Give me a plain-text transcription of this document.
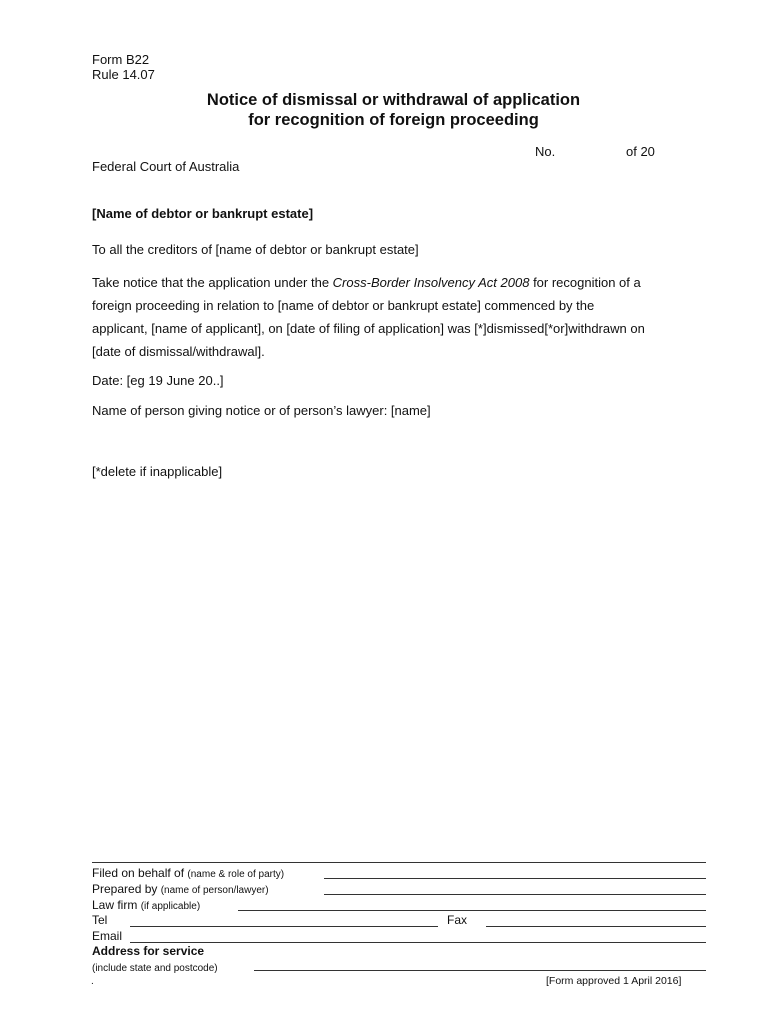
Form B22
Rule 14.07
Notice of dismissal or withdrawal of application
for recognition of foreign proceeding
No.	of 20
Federal Court of Australia
[Name of debtor or bankrupt estate]
To all the creditors of [name of debtor or bankrupt estate]
Take notice that the application under the Cross-Border Insolvency Act 2008 for recognition of a
foreign proceeding in relation to [name of debtor or bankrupt estate] commenced by the
applicant, [name of applicant], on [date of filing of application] was [*]dismissed[*or]withdrawn on
[date of dismissal/withdrawal].
Date: [eg 19 June 20..]
Name of person giving notice or of person’s lawyer: [name]
[*delete if inapplicable]
Filed on behalf of (name & role of party)
Prepared by (name of person/lawyer)
Law firm (if applicable)
Tel	Fax
Email
Address for service
(include state and postcode)
.	[Form approved 1 April 2016]
